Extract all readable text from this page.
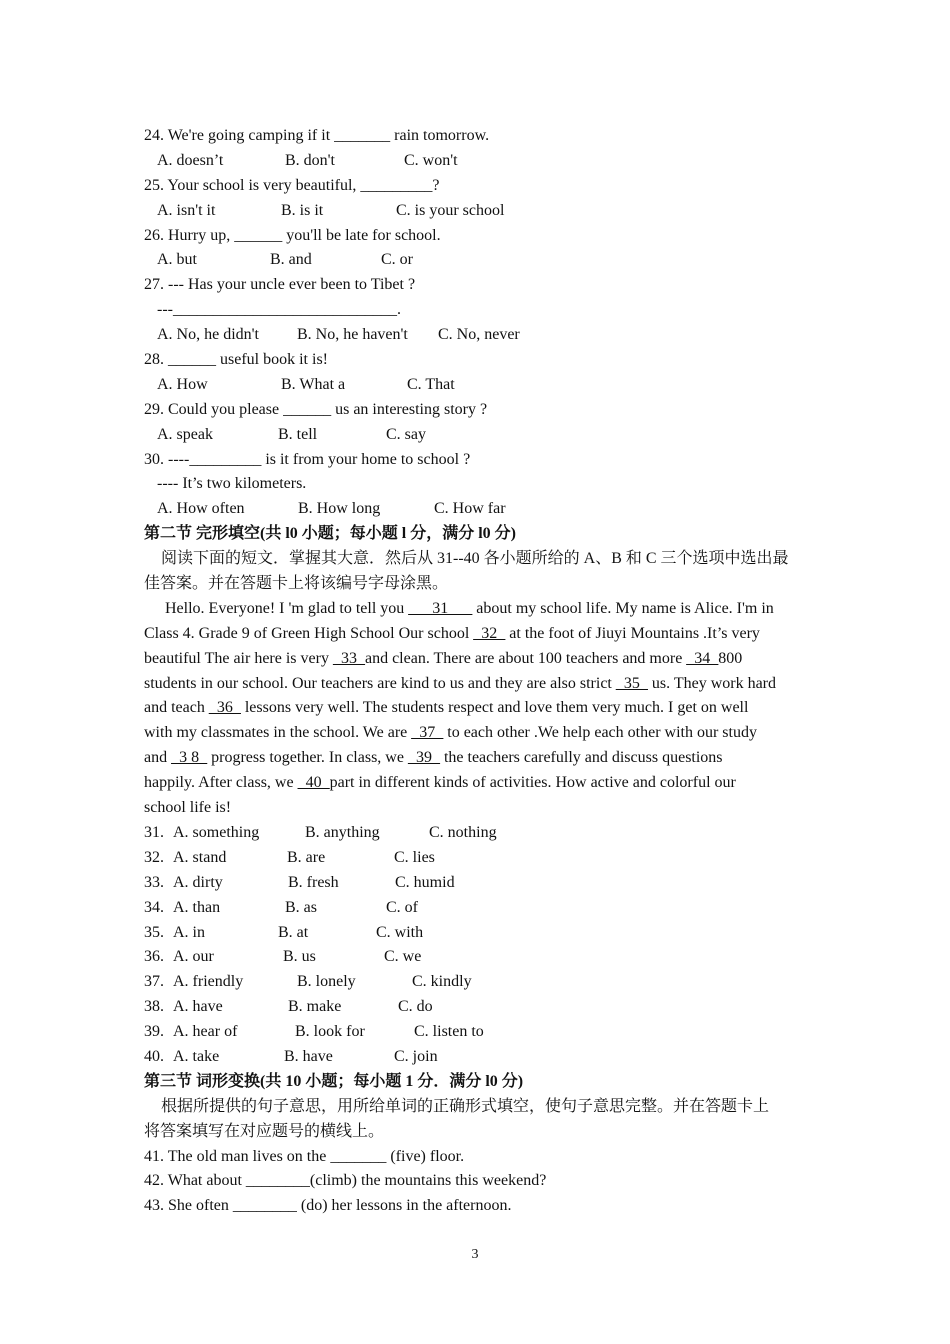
24. We're going camping if it _______ rain tomorrow.
A. doesn’t	B. don't	C. won't
25. Your school is very beautiful, _________?
A. isn't it	B. is it	C. is your school
26. Hurry up, ______ you'll be late for school.
A. but	B. and	C. or
27. --- Has your uncle ever been to Tibet ?
---____________________________.
A. No, he didn't B. No, he haven't C. No, never
28. ______ useful book it is!
A. How	B. What a	C. That
29. Could you please ______ us an interesting story ?
A. speak	B. tell	C. say
30. ----_________ is it from your home to school ?
---- It’s two kilometers.
A. How often	B. How long	C. How far
第二节 完形填空(共 l0 小题；每小题 l 分，满分 l0 分)
阅读下面的短文．掌握其大意．然后从 31--40 各小题所给的 A、B 和 C 三个选项中选出最
佳答案。并在答题卡上将该编号字母涂黑。
Hello. Everyone! I 'm glad to tell you ___31___ about my school life. My name is Alice. I'm in
Class 4. Grade 9 of Green High School Our school _32_ at the foot of Jiuyi Mountains .It’s very
beautiful The air here is very _33_and clean. There are about 100 teachers and more _34_800
students in our school. Our teachers are kind to us and they are also strict _35_ us. They work hard
and teach _36_ lessons very well. The students respect and love them very much. I get on well
with my classmates in the school. We are _37_ to each other .We help each other with our study
and _3 8_ progress together. In class, we _39_ the teachers carefully and discuss questions
happily. After class, we _40_part in different kinds of activities. How active and colorful our
school life is!
31. A. something	B. anything	C. nothing
32. A. stand	B. are	C. lies
33. A. dirty	B. fresh	C. humid
34. A. than	B. as	C. of
35. A. in	B. at	C. with
36. A. our	B. us	C. we
37. A. friendly	B. lonely	C. kindly
38. A. have	B. make	C. do
39. A. hear of	B. look for	C. listen to
40. A. take	B. have	C. join
第三节 词形变换(共 10 小题；每小题 1 分．满分 l0 分)
根据所提供的句子意思，用所给单词的正确形式填空，使句子意思完整。并在答题卡上
将答案填写在对应题号的横线上。
41. The old man lives on the _______ (five) floor.
42. What about ________(climb) the mountains this weekend?
43. She often ________ (do) her lessons in the afternoon.
3
